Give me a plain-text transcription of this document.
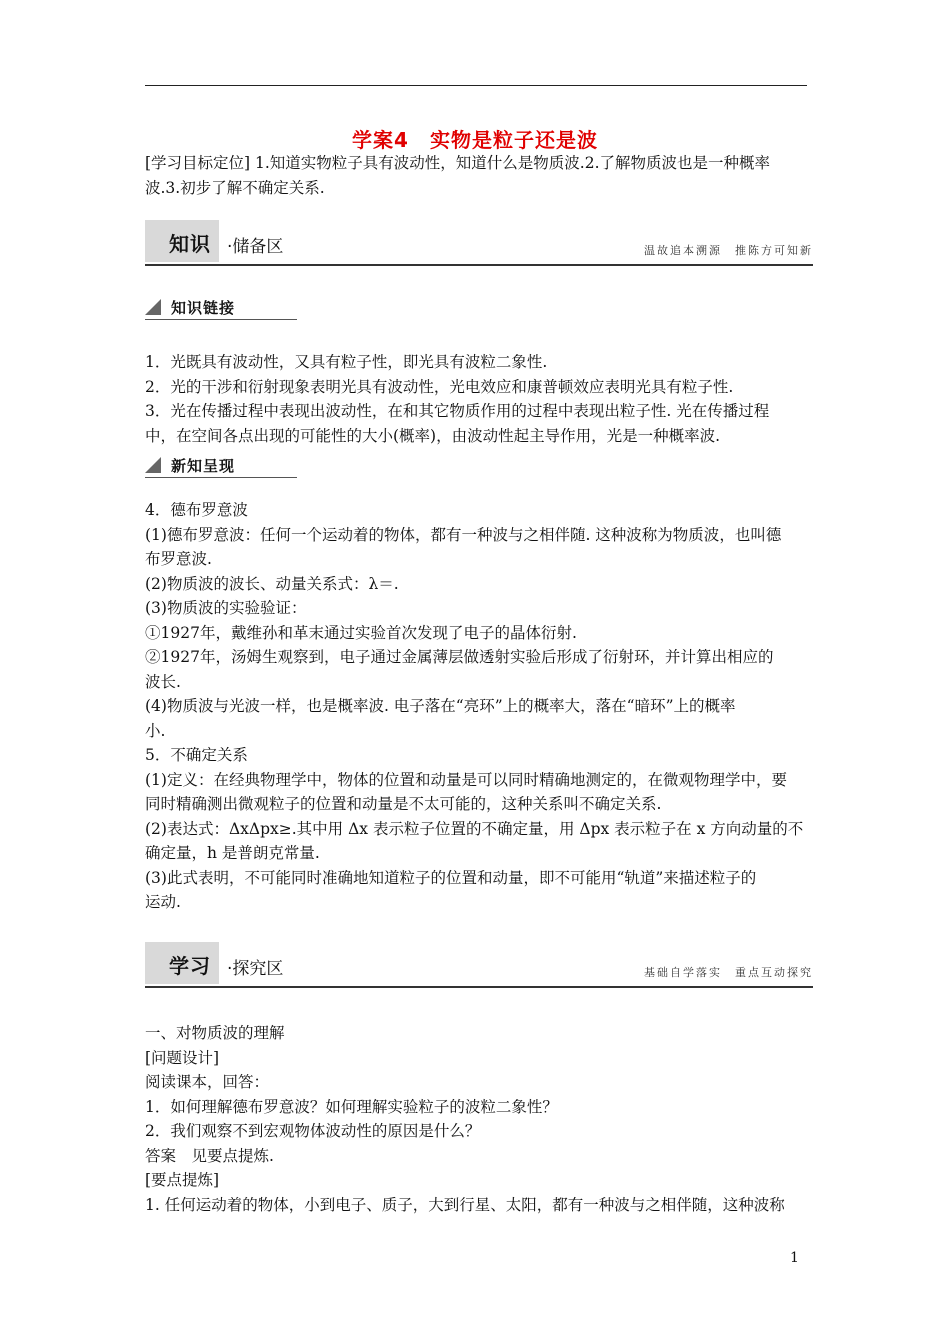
学案4　实物是粒子还是波
[学习目标定位] 1.知道实物粒子具有波动性，知道什么是物质波.2.了解物质波也是一种概率
波.3.初步了解不确定关系.
知识 ·储备区	温故追本溯源　推陈方可知新
知识链接
1．光既具有波动性，又具有粒子性，即光具有波粒二象性.
2．光的干涉和衍射现象表明光具有波动性，光电效应和康普顿效应表明光具有粒子性.
3．光在传播过程中表现出波动性，在和其它物质作用的过程中表现出粒子性. 光在传播过程
中，在空间各点出现的可能性的大小(概率)，由波动性起主导作用，光是一种概率波.
新知呈现
4．德布罗意波
(1)德布罗意波：任何一个运动着的物体，都有一种波与之相伴随. 这种波称为物质波，也叫德
布罗意波.
(2)物质波的波长、动量关系式：λ＝.
(3)物质波的实验验证：
①1927年，戴维孙和革末通过实验首次发现了电子的晶体衍射.
②1927年，汤姆生观察到，电子通过金属薄层做透射实验后形成了衍射环，并计算出相应的
波长.
(4)物质波与光波一样，也是概率波. 电子落在“亮环”上的概率大，落在“暗环”上的概率
小.
5．不确定关系
(1)定义：在经典物理学中，物体的位置和动量是可以同时精确地测定的，在微观物理学中，要
同时精确测出微观粒子的位置和动量是不太可能的，这种关系叫不确定关系.
(2)表达式：ΔxΔpx≥.其中用 Δx 表示粒子位置的不确定量，用 Δpx 表示粒子在 x 方向动量的不
确定量，h 是普朗克常量.
(3)此式表明，不可能同时准确地知道粒子的位置和动量，即不可能用“轨道”来描述粒子的
运动.
学习 ·探究区	基础自学落实　重点互动探究
一、对物质波的理解
[问题设计]
阅读课本，回答：
1．如何理解德布罗意波？如何理解实验粒子的波粒二象性？
2．我们观察不到宏观物体波动性的原因是什么？
答案　见要点提炼.
[要点提炼]
1. 任何运动着的物体，小到电子、质子，大到行星、太阳，都有一种波与之相伴随，这种波称
1
